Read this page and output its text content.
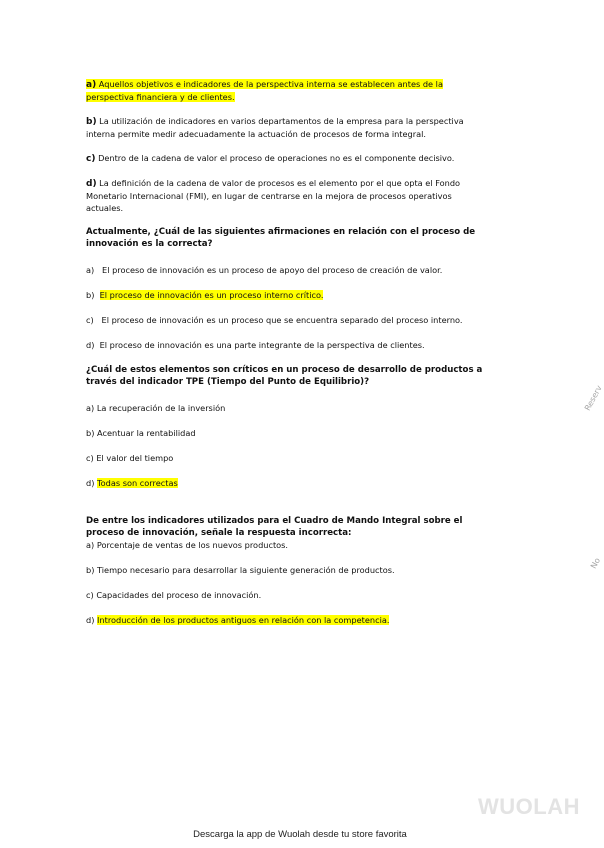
a) Aquellos objetivos e indicadores de la perspectiva interna se establecen antes de la perspectiva financiera y de clientes.

b) La utilización de indicadores en varios departamentos de la empresa para la perspectiva interna permite medir adecuadamente la actuación de procesos de forma integral.

c) Dentro de la cadena de valor el proceso de operaciones no es el componente decisivo.

d) La definición de la cadena de valor de procesos es el elemento por el que opta el Fondo Monetario Internacional (FMI), en lugar de centrarse en la mejora de procesos operativos actuales.

Actualmente, ¿Cuál de las siguientes afirmaciones en relación con el proceso de innovación es la correcta?

a) El proceso de innovación es un proceso de apoyo del proceso de creación de valor.

b) El proceso de innovación es un proceso interno crítico.

c) El proceso de innovación es un proceso que se encuentra separado del proceso interno.

d) El proceso de innovación es una parte integrante de la perspectiva de clientes.

¿Cuál de estos elementos son críticos en un proceso de desarrollo de productos a través del indicador TPE (Tiempo del Punto de Equilibrio)?

a) La recuperación de la inversión

b) Acentuar la rentabilidad

c) El valor del tiempo

d) Todas son correctas

De entre los indicadores utilizados para el Cuadro de Mando Integral sobre el proceso de innovación, señale la respuesta incorrecta:

a) Porcentaje de ventas de los nuevos productos.

b) Tiempo necesario para desarrollar la siguiente generación de productos.

c) Capacidades del proceso de innovación.

d) Introducción de los productos antiguos en relación con la competencia.

Reserv
No
WUOLAH
Descarga la app de Wuolah desde tu store favorita
